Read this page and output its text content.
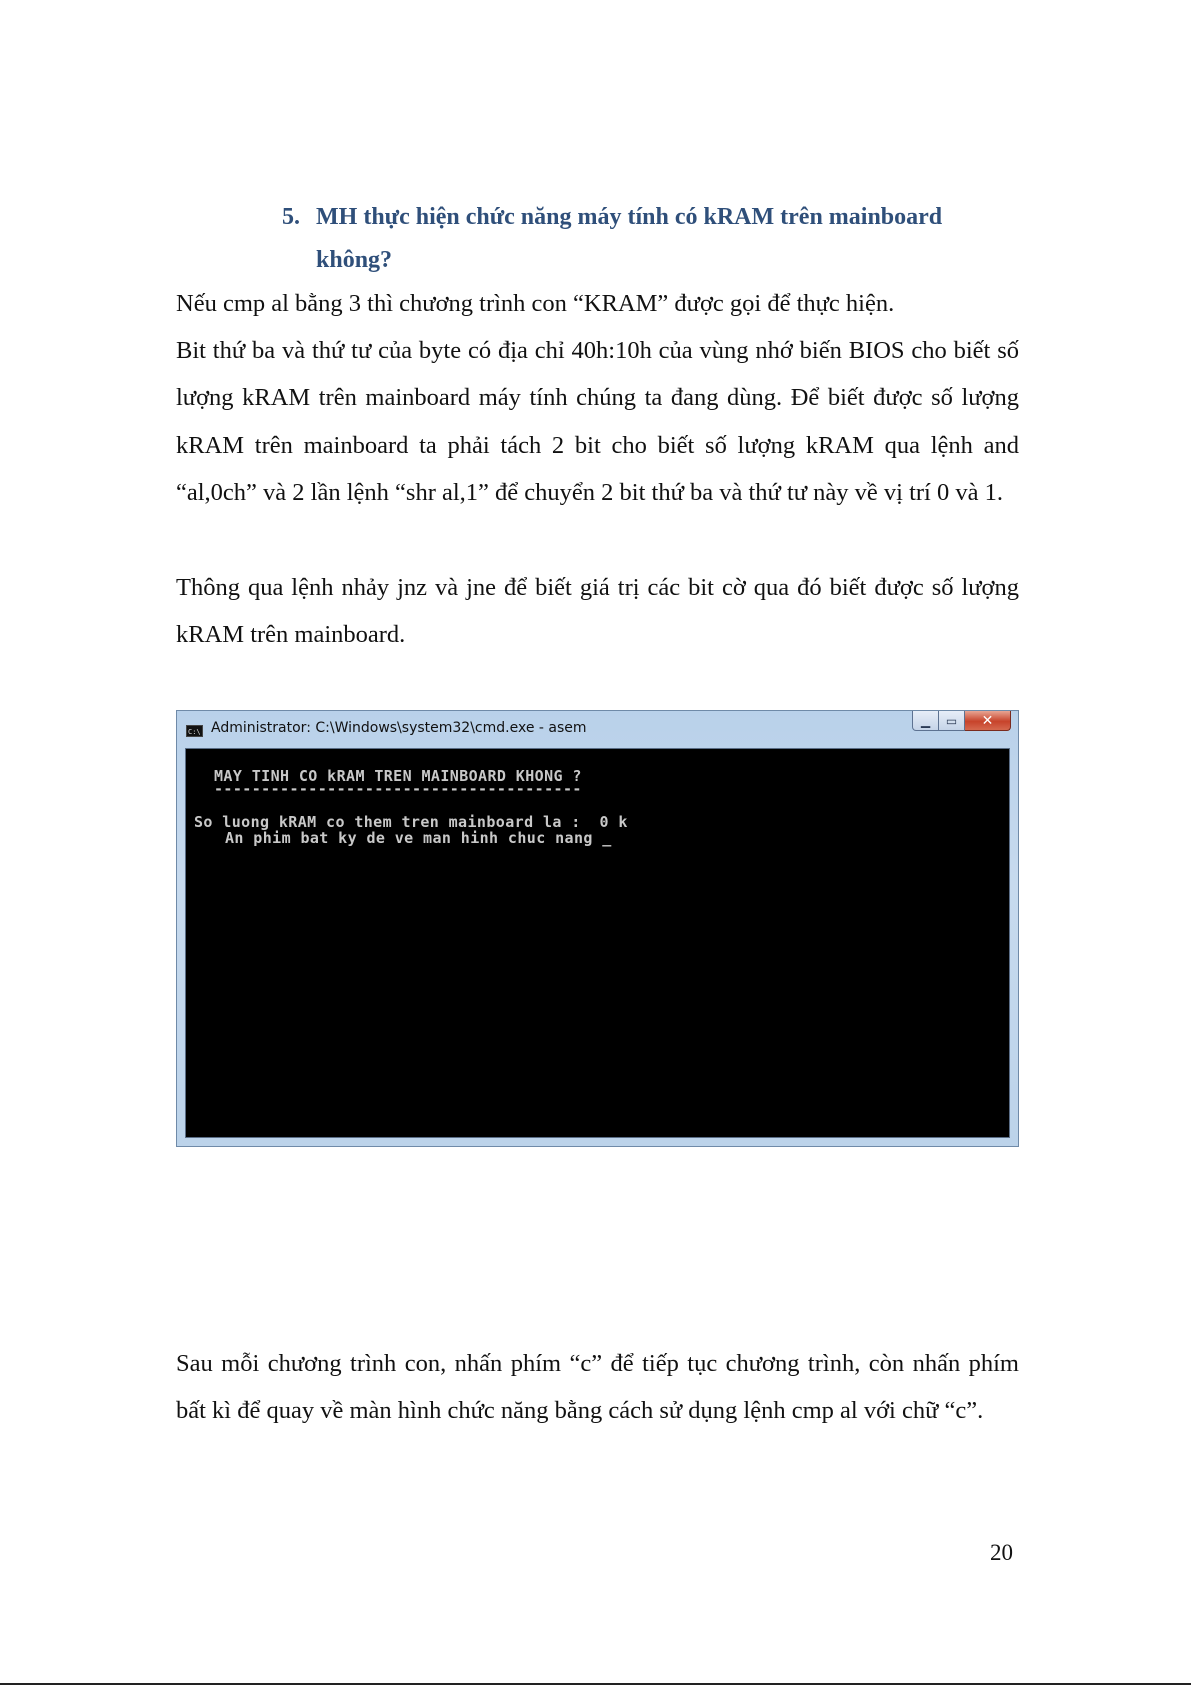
5. MH thực hiện chức năng máy tính có kRAM trên mainboard không?

Nếu cmp al bằng 3 thì chương trình con “KRAM” được gọi để thực hiện.

Bit thứ ba và thứ tư của byte có địa chỉ 40h:10h của vùng nhớ biến BIOS cho biết số lượng kRAM trên mainboard máy tính chúng ta đang dùng. Để biết được số lượng kRAM trên mainboard ta phải tách 2 bit cho biết số lượng kRAM qua lệnh and “al,0ch” và 2 lần lệnh “shr al,1” để chuyển 2 bit thứ ba và thứ tư này về vị trí 0 và 1.

Thông qua lệnh nhảy jnz và jne để biết giá trị các bit cờ qua đó biết được số lượng kRAM trên mainboard.

C:\ Administrator: C:\Windows\system32\cmd.exe - asem	▁	▭	✕
MAY TINH CO kRAM TREN MAINBOARD KHONG ?
---------------------------------------
So luong kRAM co them tren mainboard la :  0 k
An phim bat ky de ve man hinh chuc nang _

Sau mỗi chương trình con, nhấn phím “c” để tiếp tục chương trình, còn nhấn phím bất kì để quay về màn hình chức năng bằng cách sử dụng lệnh cmp al với chữ “c”.

20
